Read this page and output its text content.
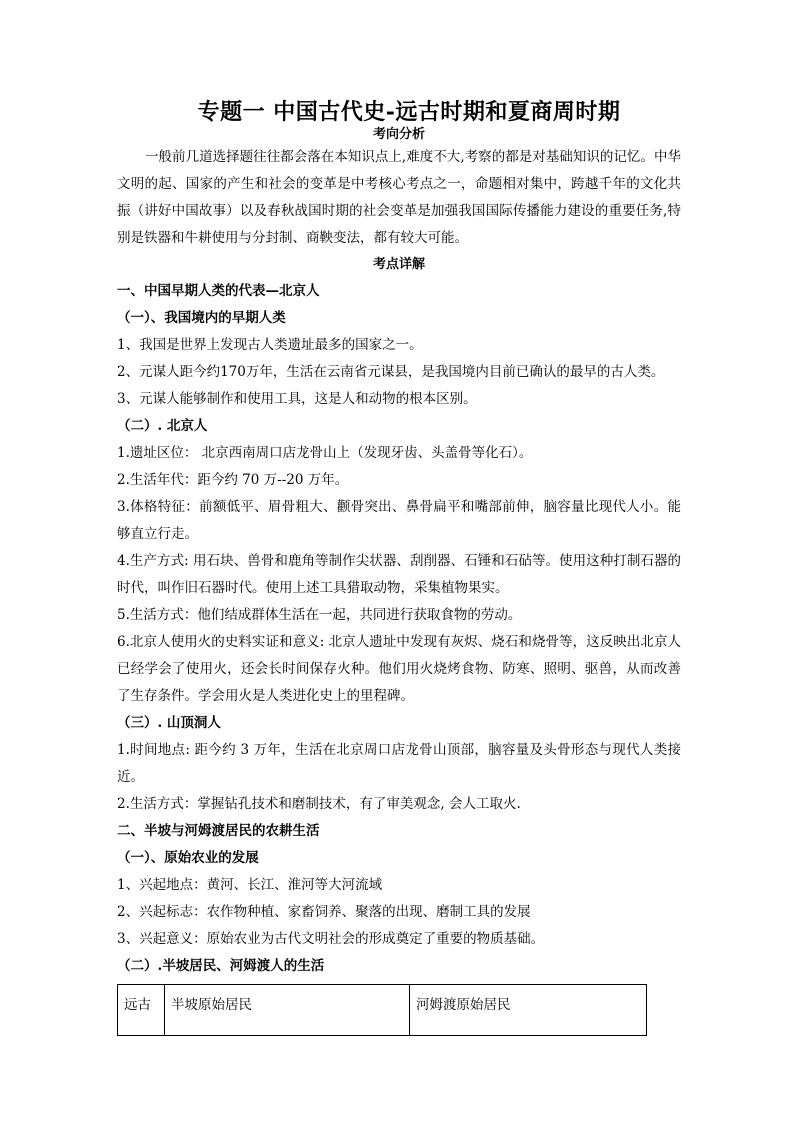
专题一 中国古代史-远古时期和夏商周时期

考向分析

一般前几道选择题往往都会落在本知识点上,难度不大,考察的都是对基础知识的记忆。中华文明的起、国家的产生和社会的变革是中考核心考点之一，命题相对集中，跨越千年的文化共振（讲好中国故事）以及春秋战国时期的社会变革是加强我国国际传播能力建设的重要任务,特别是铁器和牛耕使用与分封制、商鞅变法，都有较大可能。

考点详解

一、中国早期人类的代表—北京人

（一）、我国境内的早期人类

1、我国是世界上发现古人类遗址最多的国家之一。

2、元谋人距今约170万年，生活在云南省元谋县，是我国境内目前已确认的最早的古人类。

3、元谋人能够制作和使用工具，这是人和动物的根本区别。

（二）. 北京人

1.遗址区位： 北京西南周口店龙骨山上（发现牙齿、头盖骨等化石）。

2.生活年代：距今约 70 万--20 万年。

3.体格特征：前额低平、眉骨粗大、颧骨突出、鼻骨扁平和嘴部前伸，脑容量比现代人小。能够直立行走。

4.生产方式: 用石块、兽骨和鹿角等制作尖状器、刮削器、石锤和石砧等。使用这种打制石器的时代，叫作旧石器时代。使用上述工具猎取动物，采集植物果实。

5.生活方式：他们结成群体生活在一起，共同进行获取食物的劳动。

6.北京人使用火的史料实证和意义: 北京人遗址中发现有灰烬、烧石和烧骨等，这反映出北京人已经学会了使用火，还会长时间保存火种。他们用火烧烤食物、防寒、照明、驱兽，从而改善了生存条件。学会用火是人类进化史上的里程碑。

（三）. 山顶洞人

1.时间地点: 距今约 3 万年，生活在北京周口店龙骨山顶部，脑容量及头骨形态与现代人类接近。

2.生活方式：掌握钻孔技术和磨制技术，有了审美观念, 会人工取火.

二、半坡与河姆渡居民的农耕生活

（一）、原始农业的发展

1、兴起地点：黄河、长江、淮河等大河流域

2、兴起标志：农作物种植、家畜饲养、聚落的出现、磨制工具的发展

3、兴起意义：原始农业为古代文明社会的形成奠定了重要的物质基础。

（二）.半坡居民、河姆渡人的生活

远古	半坡原始居民	河姆渡原始居民
